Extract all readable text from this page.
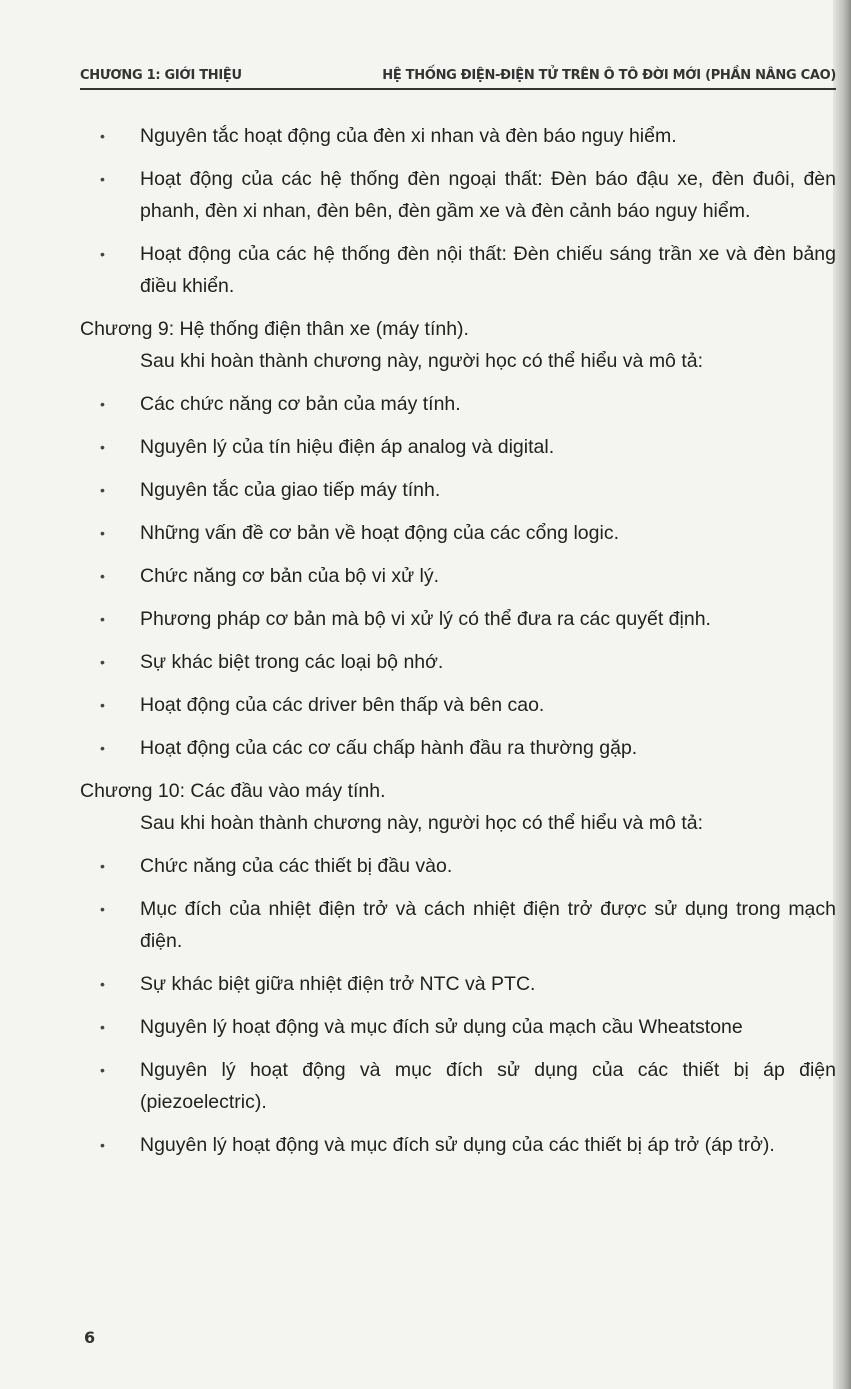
CHƯƠNG 1: GIỚI THIỆU	HỆ THỐNG ĐIỆN-ĐIỆN TỬ TRÊN Ô TÔ ĐỜI MỚI (PHẦN NÂNG CAO)
• Nguyên tắc hoạt động của đèn xi nhan và đèn báo nguy hiểm.
• Hoạt động của các hệ thống đèn ngoại thất: Đèn báo đậu xe, đèn đuôi, đèn phanh, đèn xi nhan, đèn bên, đèn gầm xe và đèn cảnh báo nguy hiểm.
• Hoạt động của các hệ thống đèn nội thất: Đèn chiếu sáng trần xe và đèn bảng điều khiển.
Chương 9: Hệ thống điện thân xe (máy tính).
Sau khi hoàn thành chương này, người học có thể hiểu và mô tả:
• Các chức năng cơ bản của máy tính.
• Nguyên lý của tín hiệu điện áp analog và digital.
• Nguyên tắc của giao tiếp máy tính.
• Những vấn đề cơ bản về hoạt động của các cổng logic.
• Chức năng cơ bản của bộ vi xử lý.
• Phương pháp cơ bản mà bộ vi xử lý có thể đưa ra các quyết định.
• Sự khác biệt trong các loại bộ nhớ.
• Hoạt động của các driver bên thấp và bên cao.
• Hoạt động của các cơ cấu chấp hành đầu ra thường gặp.
Chương 10: Các đầu vào máy tính.
Sau khi hoàn thành chương này, người học có thể hiểu và mô tả:
• Chức năng của các thiết bị đầu vào.
• Mục đích của nhiệt điện trở và cách nhiệt điện trở được sử dụng trong mạch điện.
• Sự khác biệt giữa nhiệt điện trở NTC và PTC.
• Nguyên lý hoạt động và mục đích sử dụng của mạch cầu Wheatstone
• Nguyên lý hoạt động và mục đích sử dụng của các thiết bị áp điện (piezoelectric).
• Nguyên lý hoạt động và mục đích sử dụng của các thiết bị áp trở (áp trở).
6
